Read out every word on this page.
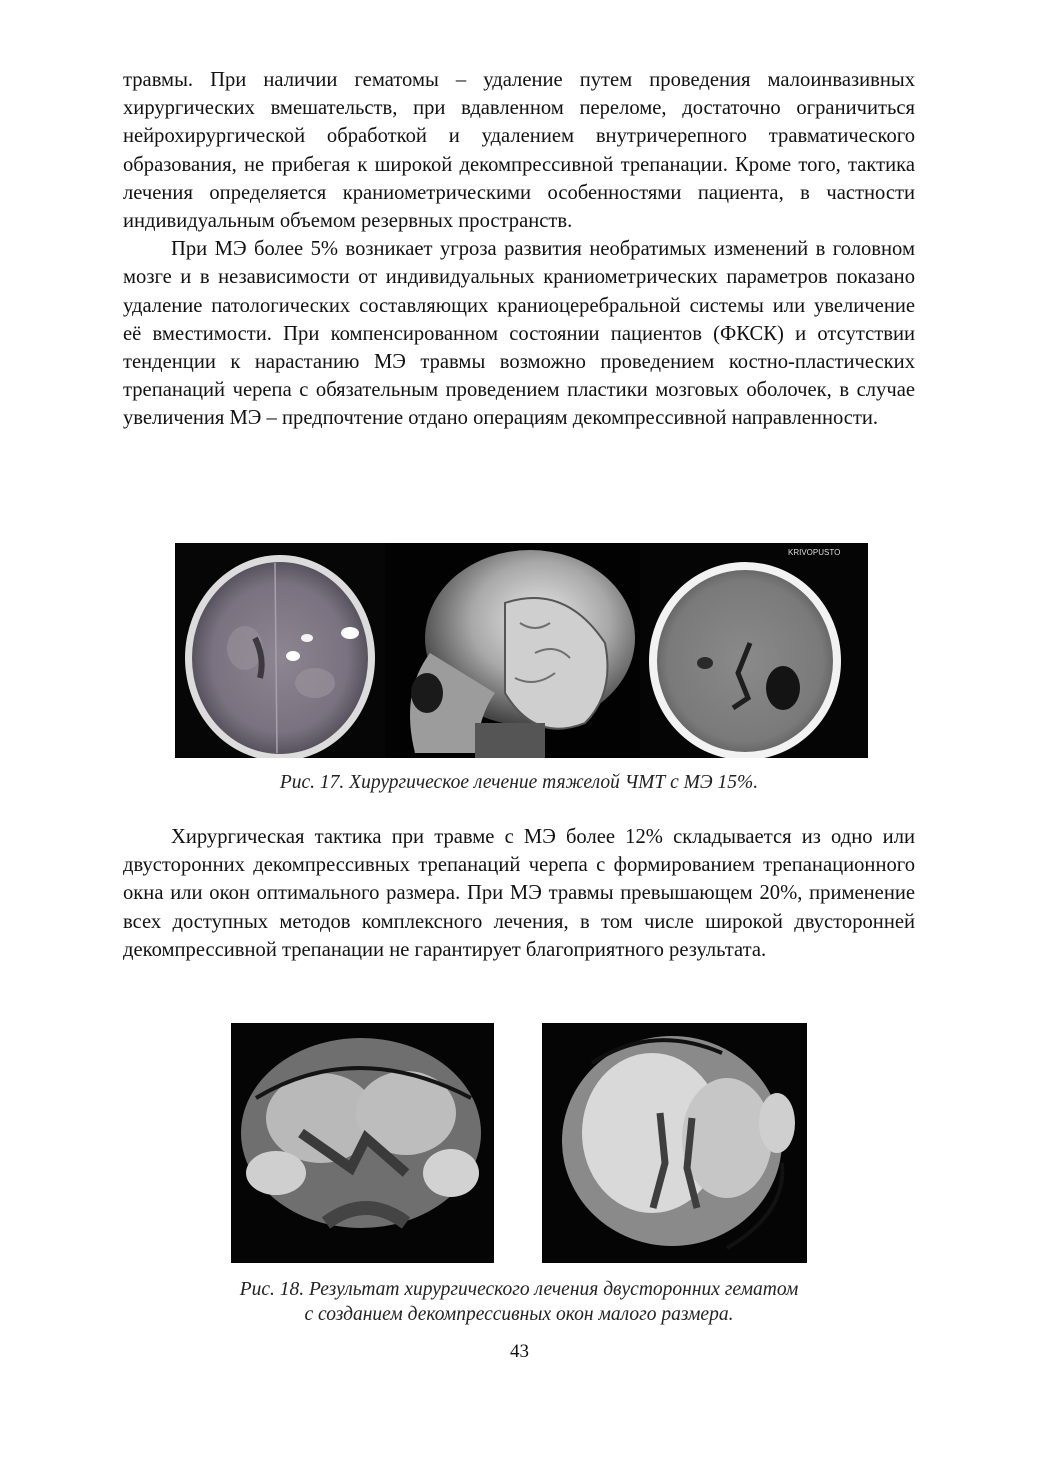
травмы. При наличии гематомы – удаление путем проведения малоинвазивных хирургических вмешательств, при вдавленном переломе, достаточно ограничиться нейрохирургической обработкой и удалением внутричерепного травматического образования, не прибегая к широкой декомпрессивной трепанации. Кроме того, тактика лечения определяется краниометрическими особенностями пациента, в частности индивидуальным объемом резервных пространств.

При МЭ более 5% возникает угроза развития необратимых изменений в головном мозге и в независимости от индивидуальных краниометрических параметров показано удаление патологических составляющих краниоцеребральной системы или увеличение её вместимости. При компенсированном состоянии пациентов (ФКСК) и отсутствии тенденции к нарастанию МЭ травмы возможно проведением костно-пластических трепанаций черепа с обязательным проведением пластики мозговых оболочек, в случае увеличения МЭ – предпочтение отдано операциям декомпрессивной направленности.

KRIVOPUSTO
Рис. 17. Хирургическое лечение тяжелой ЧМТ с МЭ 15%.

Хирургическая тактика при травме с МЭ более 12% складывается из одно или двусторонних декомпрессивных трепанаций черепа с формированием трепанационного окна или окон оптимального размера. При МЭ травмы превышающем 20%, применение всех доступных методов комплексного лечения, в том числе широкой двусторонней декомпрессивной трепанации не гарантирует благоприятного результата.

Рис. 18. Результат хирургического лечения двусторонних гематом
с созданием декомпрессивных окон малого размера.
43
